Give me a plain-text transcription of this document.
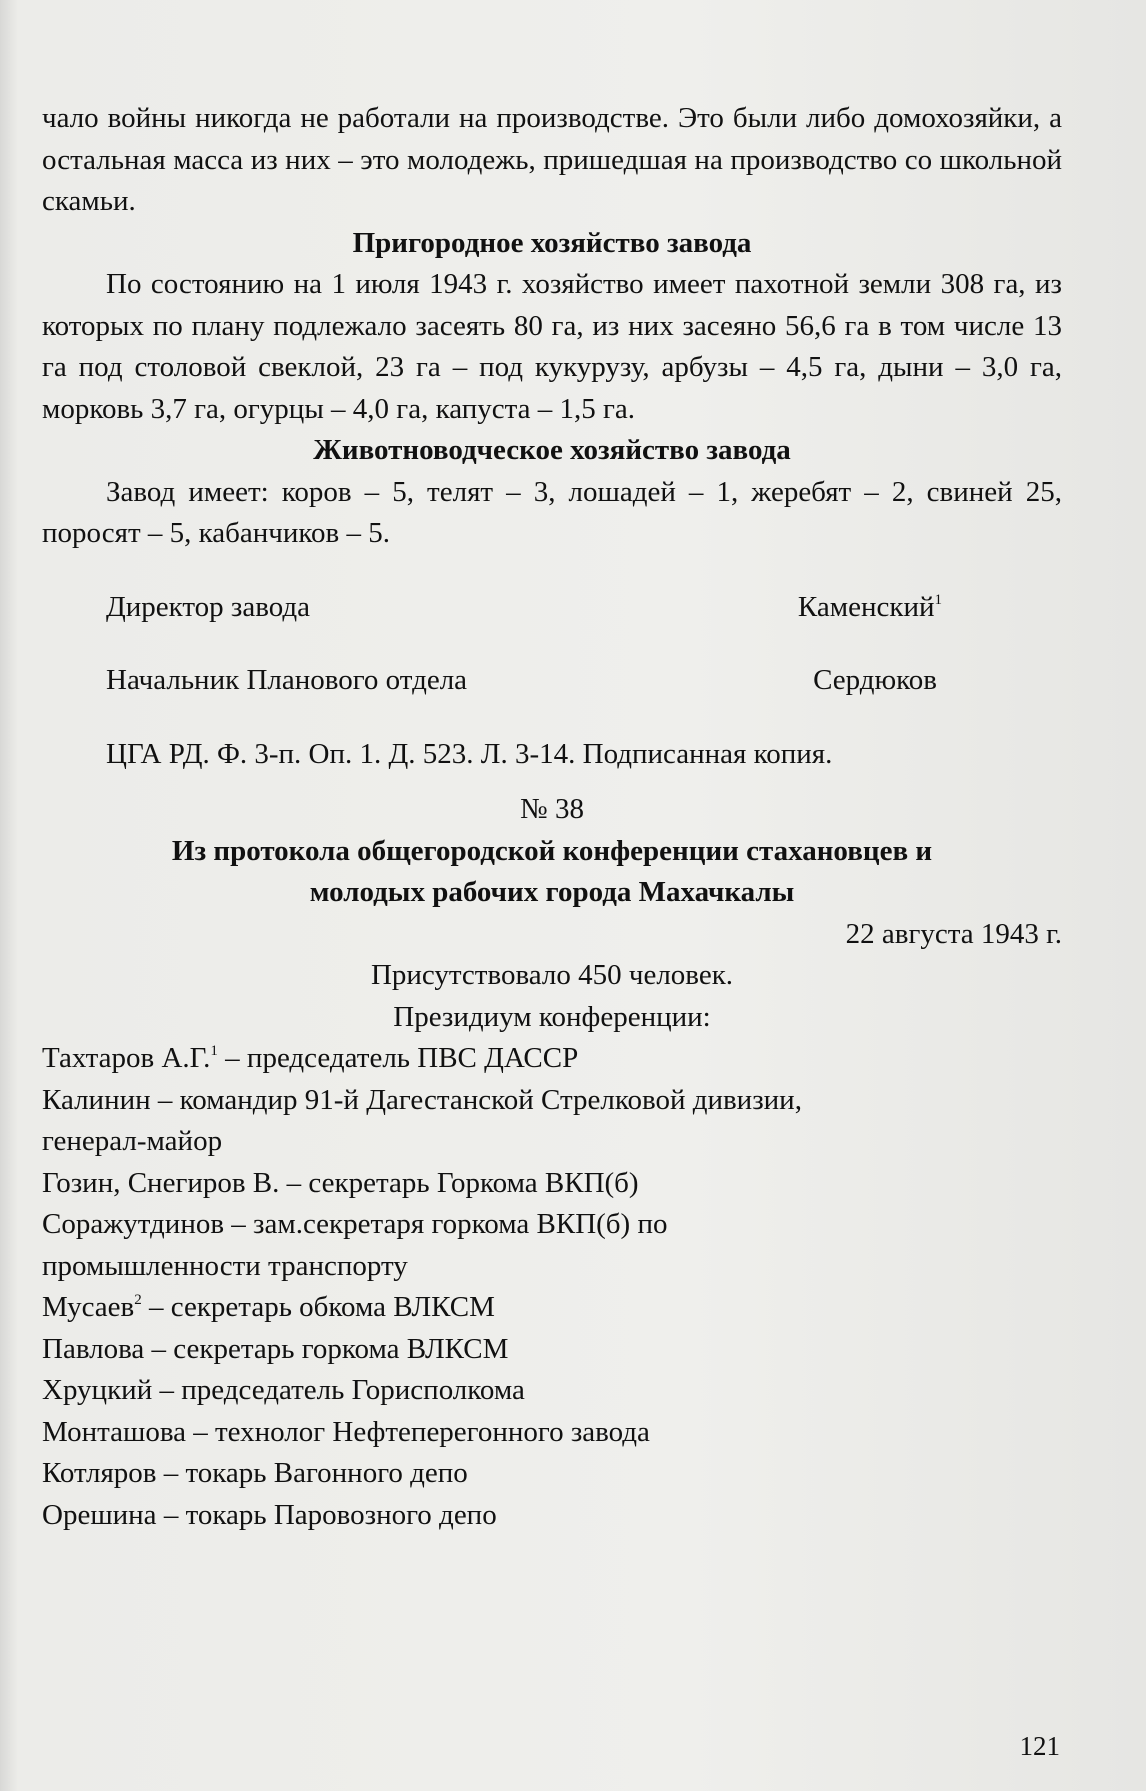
чало войны никогда не работали на производстве. Это были либо домохозяйки, а остальная масса из них – это молодежь, пришедшая на производство со школьной скамьи.

Пригородное хозяйство завода

По состоянию на 1 июля 1943 г. хозяйство имеет пахотной земли 308 га, из которых по плану подлежало засеять 80 га, из них засеяно 56,6 га в том числе 13 га под столовой свеклой, 23 га – под кукурузу, арбузы – 4,5 га, дыни – 3,0 га, морковь 3,7 га, огурцы – 4,0 га, капуста – 1,5 га.

Животноводческое хозяйство завода

Завод имеет: коров – 5, телят – 3, лошадей – 1, жеребят – 2, свиней 25, поросят – 5, кабанчиков – 5.

Директор завода	Каменский$^1$
Начальник Планового отдела	Сердюков

ЦГА РД. Ф. 3-п. Оп. 1. Д. 523. Л. 3-14. Подписанная копия.

№ 38

Из протокола общегородской конференции стахановцев и

молодых рабочих города Махачкалы

22 августа 1943 г.

Присутствовало 450 человек.

Президиум конференции:

Тахтаров А.Г.$^1$ – председатель ПВС ДАССР

Калинин – командир 91-й Дагестанской Стрелковой дивизии,

генерал-майор

Гозин, Снегиров В. – секретарь Горкома ВКП(б)

Соражутдинов – зам.секретаря горкома ВКП(б) по

промышленности транспорту

Мусаев$^2$ – секретарь обкома ВЛКСМ

Павлова – секретарь горкома ВЛКСМ

Хруцкий – председатель Горисполкома

Монташова – технолог Нефтеперегонного завода

Котляров – токарь Вагонного депо

Орешина – токарь Паровозного депо

121
